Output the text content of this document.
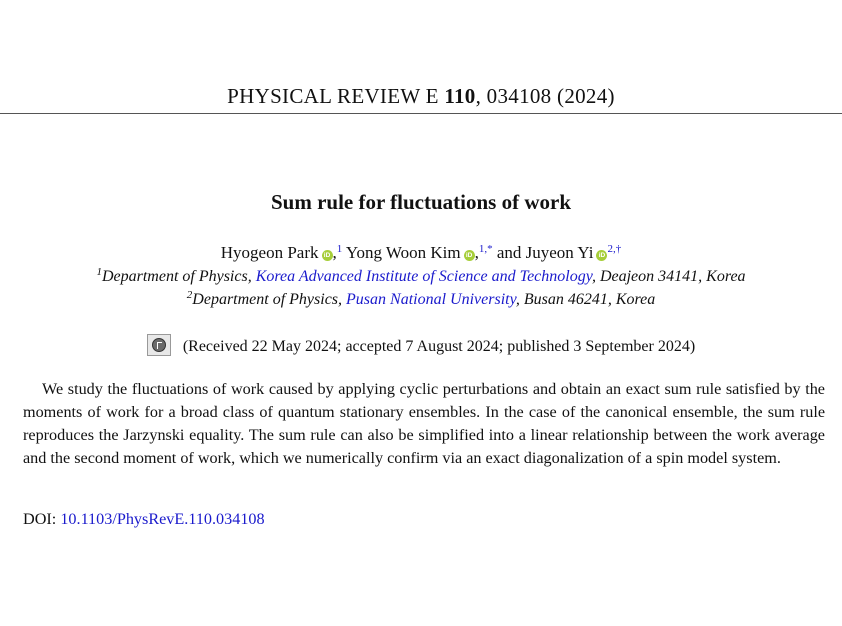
PHYSICAL REVIEW E 110, 034108 (2024)
Sum rule for fluctuations of work
Hyogeon Park iD ,$^1$ Yong Woon Kim iD ,$^{1,*}$ and Juyeon Yi $iD^{2,\dagger}$
$^1$Department of Physics, Korea Advanced Institute of Science and Technology, Deajeon 34141, Korea
$^2$Department of Physics, Pusan National University, Busan 46241, Korea
(Received 22 May 2024; accepted 7 August 2024; published 3 September 2024)

We study the fluctuations of work caused by applying cyclic perturbations and obtain an exact sum rule satisfied by the moments of work for a broad class of quantum stationary ensembles. In the case of the canonical ensemble, the sum rule reproduces the Jarzynski equality. The sum rule can also be simplified into a linear relationship between the work average and the second moment of work, which we numerically confirm via an exact diagonalization of a spin model system.

DOI: 10.1103/PhysRevE.110.034108
